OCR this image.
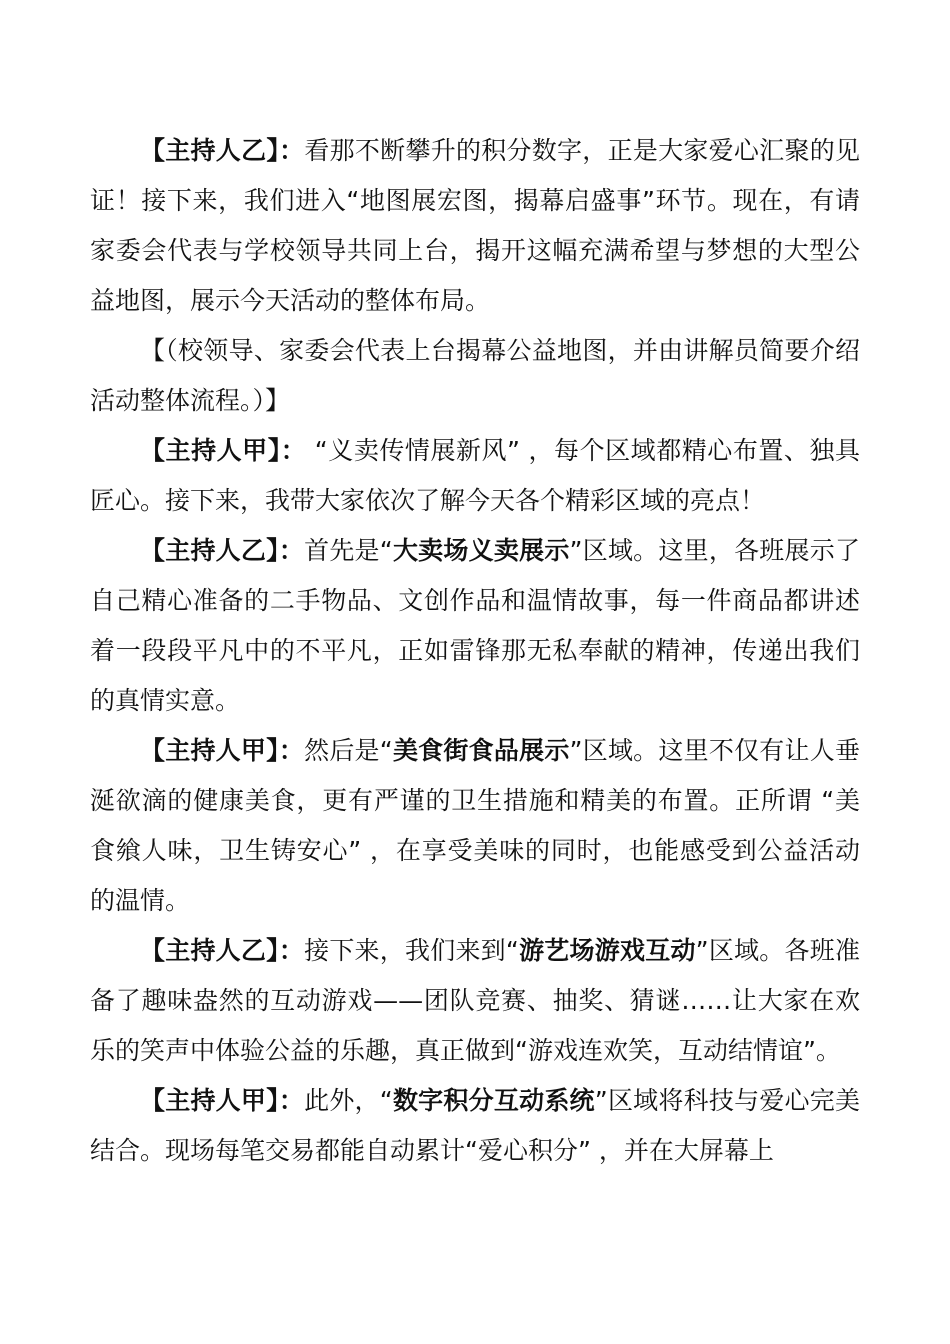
【主持人乙】：看那不断攀升的积分数字，正是大家爱心汇聚的见证！接下来，我们进入“地图展宏图，揭幕启盛事”环节。现在，有请家委会代表与学校领导共同上台，揭开这幅充满希望与梦想的大型公益地图，展示今天活动的整体布局。

【（校领导、家委会代表上台揭幕公益地图，并由讲解员简要介绍活动整体流程。）】

【主持人甲】： “义卖传情展新风” ，每个区域都精心布置、独具匠心。接下来，我带大家依次了解今天各个精彩区域的亮点！

【主持人乙】：首先是“大卖场义卖展示”区域。这里，各班展示了自己精心准备的二手物品、文创作品和温情故事，每一件商品都讲述着一段段平凡中的不平凡，正如雷锋那无私奉献的精神，传递出我们的真情实意。

【主持人甲】：然后是“美食街食品展示”区域。这里不仅有让人垂涎欲滴的健康美食，更有严谨的卫生措施和精美的布置。正所谓 “美食飨人味，卫生铸安心” ，在享受美味的同时，也能感受到公益活动的温情。

【主持人乙】：接下来，我们来到“游艺场游戏互动”区域。各班准备了趣味盎然的互动游戏——团队竞赛、抽奖、猜谜……让大家在欢乐的笑声中体验公益的乐趣，真正做到“游戏连欢笑，互动结情谊”。

【主持人甲】：此外，“数字积分互动系统”区域将科技与爱心完美结合。现场每笔交易都能自动累计“爱心积分” ，并在大屏幕上
